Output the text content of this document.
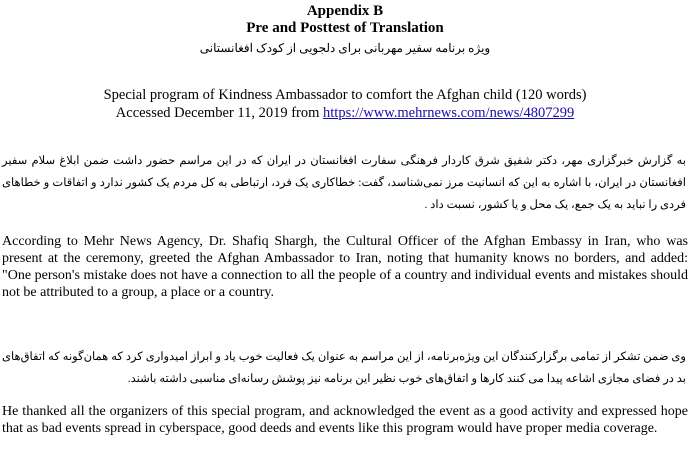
Appendix B
Pre and Posttest of Translation
ویژه برنامه سفیر مهربانی برای دلجویی از کودک افغانستانی
Special program of Kindness Ambassador to comfort the Afghan child (120 words)
Accessed December 11, 2019 from https://www.mehrnews.com/news/4807299
به گزارش خبرگزاری مهر، دکتر شفیق شرق کاردار فرهنگی سفارت افغانستان در ایران که در این مراسم حضور داشت ضمن ابلاغ سلام سفیر افغانستان در ایران، با اشاره به این که انسانیت مرز نمی‌شناسد، گفت: خطاکاری یک فرد، ارتباطی به کل مردم یک کشور ندارد و اتفاقات و خطاهای فردی را نباید به یک جمع، یک محل و یا کشور، نسبت داد .
According to Mehr News Agency, Dr. Shafiq Shargh, the Cultural Officer of the Afghan Embassy in Iran, who was present at the ceremony, greeted the Afghan Ambassador to Iran, noting that humanity knows no borders, and added: "One person's mistake does not have a connection to all the people of a country and individual events and mistakes should not be attributed to a group, a place or a country.
وی ضمن تشکر از تمامی برگزارکنندگان این ویژه‌برنامه، از این مراسم به عنوان یک فعالیت خوب یاد و ابراز امیدواری کرد که همان‌گونه که اتفاق‌های بد در فضای مجازی اشاعه پیدا می کنند کارها و اتفاق‌های خوب نظیر این برنامه نیز پوشش رسانه‌ای مناسبی داشته باشند.
He thanked all the organizers of this special program, and acknowledged the event as a good activity and expressed hope that as bad events spread in cyberspace, good deeds and events like this program would have proper media coverage.
